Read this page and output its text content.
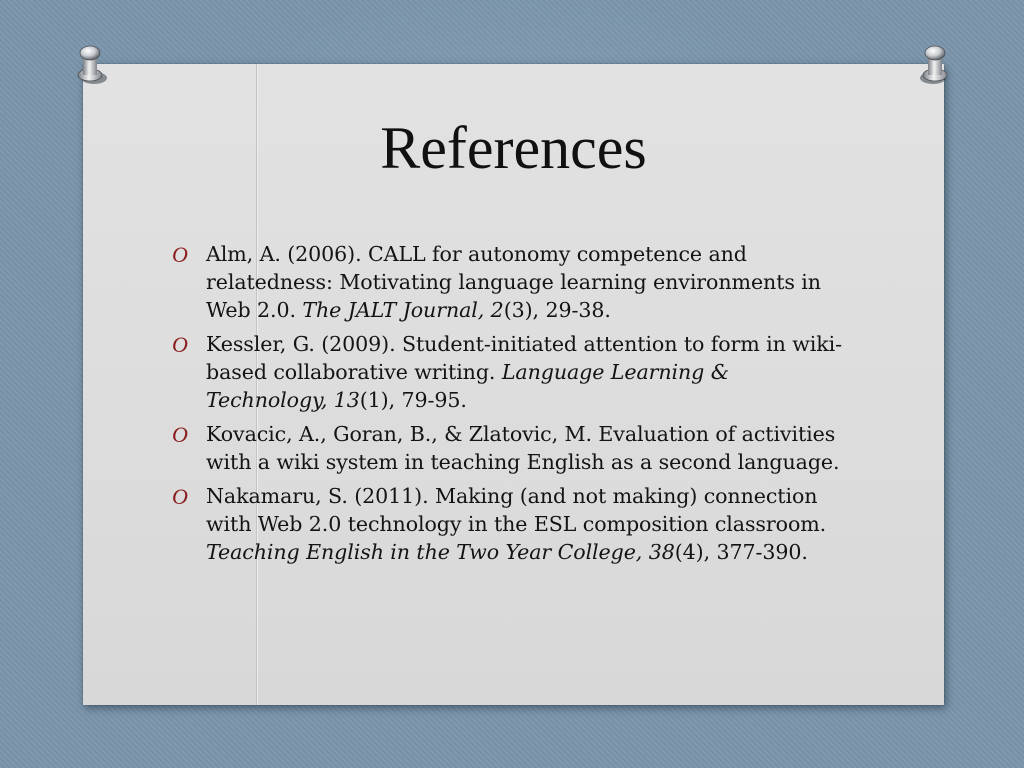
References
O Alm, A. (2006). CALL for autonomy competence and relatedness: Motivating language learning environments in Web 2.0. The JALT Journal, 2(3), 29-38.
O Kessler, G. (2009). Student-initiated attention to form in wiki-based collaborative writing. Language Learning & Technology, 13(1), 79-95.
O Kovacic, A., Goran, B., & Zlatovic, M. Evaluation of activities with a wiki system in teaching English as a second language.
O Nakamaru, S. (2011). Making (and not making) connection with Web 2.0 technology in the ESL composition classroom. Teaching English in the Two Year College, 38(4), 377-390.
